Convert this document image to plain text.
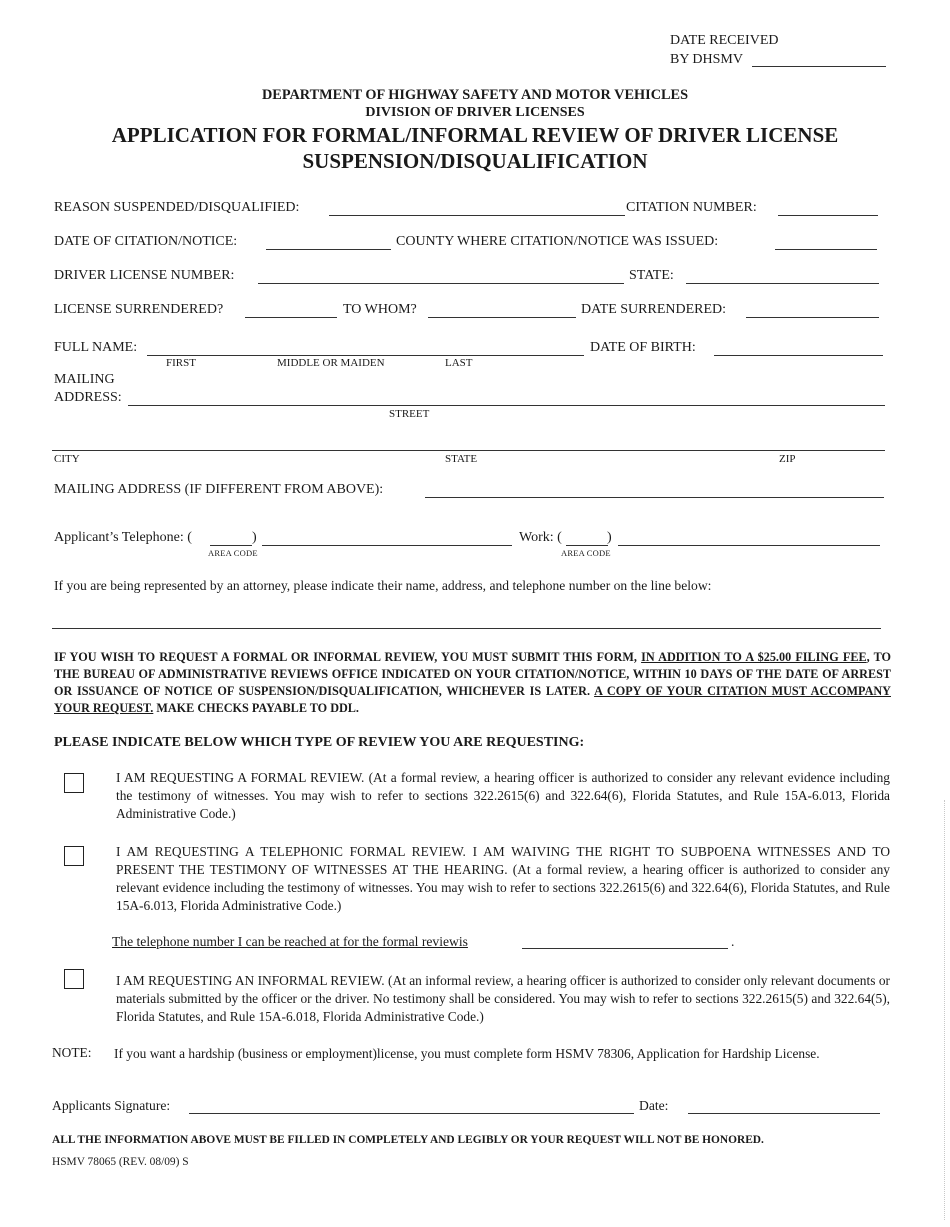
DATE RECEIVED
BY DHSMV
DEPARTMENT OF HIGHWAY SAFETY AND MOTOR VEHICLES
DIVISION OF DRIVER LICENSES
APPLICATION FOR FORMAL/INFORMAL REVIEW OF DRIVER LICENSE
SUSPENSION/DISQUALIFICATION
REASON SUSPENDED/DISQUALIFIED:	CITATION NUMBER:
DATE OF CITATION/NOTICE:	COUNTY WHERE CITATION/NOTICE WAS ISSUED:
DRIVER LICENSE NUMBER:	STATE:
LICENSE SURRENDERED?	TO WHOM?	DATE SURRENDERED:
FULL NAME:	DATE OF BIRTH:
FIRST	MIDDLE OR MAIDEN	LAST
MAILING
ADDRESS:
STREET
CITY	STATE	ZIP
MAILING ADDRESS (IF DIFFERENT FROM ABOVE):
Applicant’s Telephone: (	)
AREA CODE
Work: (	)
AREA CODE
If you are being represented by an attorney, please indicate their name, address, and telephone number on the line below:
IF YOU WISH TO REQUEST A FORMAL OR INFORMAL REVIEW, YOU MUST SUBMIT THIS FORM, IN ADDITION TO A $25.00 FILING FEE, TO THE BUREAU OF ADMINISTRATIVE REVIEWS OFFICE INDICATED ON YOUR CITATION/NOTICE, WITHIN 10 DAYS OF THE DATE OF ARREST OR ISSUANCE OF NOTICE OF SUSPENSION/DISQUALIFICATION, WHICHEVER IS LATER. A COPY OF YOUR CITATION MUST ACCOMPANY YOUR REQUEST. MAKE CHECKS PAYABLE TO DDL.
PLEASE INDICATE BELOW WHICH TYPE OF REVIEW YOU ARE REQUESTING:
I AM REQUESTING A FORMAL REVIEW. (At a formal review, a hearing officer is authorized to consider any relevant evidence including the testimony of witnesses. You may wish to refer to sections 322.2615(6) and 322.64(6), Florida Statutes, and Rule 15A-6.013, Florida Administrative Code.)
I AM REQUESTING A TELEPHONIC FORMAL REVIEW. I AM WAIVING THE RIGHT TO SUBPOENA WITNESSES AND TO PRESENT THE TESTIMONY OF WITNESSES AT THE HEARING. (At a formal review, a hearing officer is authorized to consider any relevant evidence including the testimony of witnesses. You may wish to refer to sections 322.2615(6) and 322.64(6), Florida Statutes, and Rule 15A-6.013, Florida Administrative Code.)
The telephone number I can be reached at for the formal reviewis	.
I AM REQUESTING AN INFORMAL REVIEW. (At an informal review, a hearing officer is authorized to consider only relevant documents or materials submitted by the officer or the driver. No testimony shall be considered. You may wish to refer to sections 322.2615(5) and 322.64(5), Florida Statutes, and Rule 15A-6.018, Florida Administrative Code.)
NOTE: If you want a hardship (business or employment)license, you must complete form HSMV 78306, Application for Hardship License.
Applicants Signature:	Date:
ALL THE INFORMATION ABOVE MUST BE FILLED IN COMPLETELY AND LEGIBLY OR YOUR REQUEST WILL NOT BE HONORED.
HSMV 78065 (REV. 08/09) S
